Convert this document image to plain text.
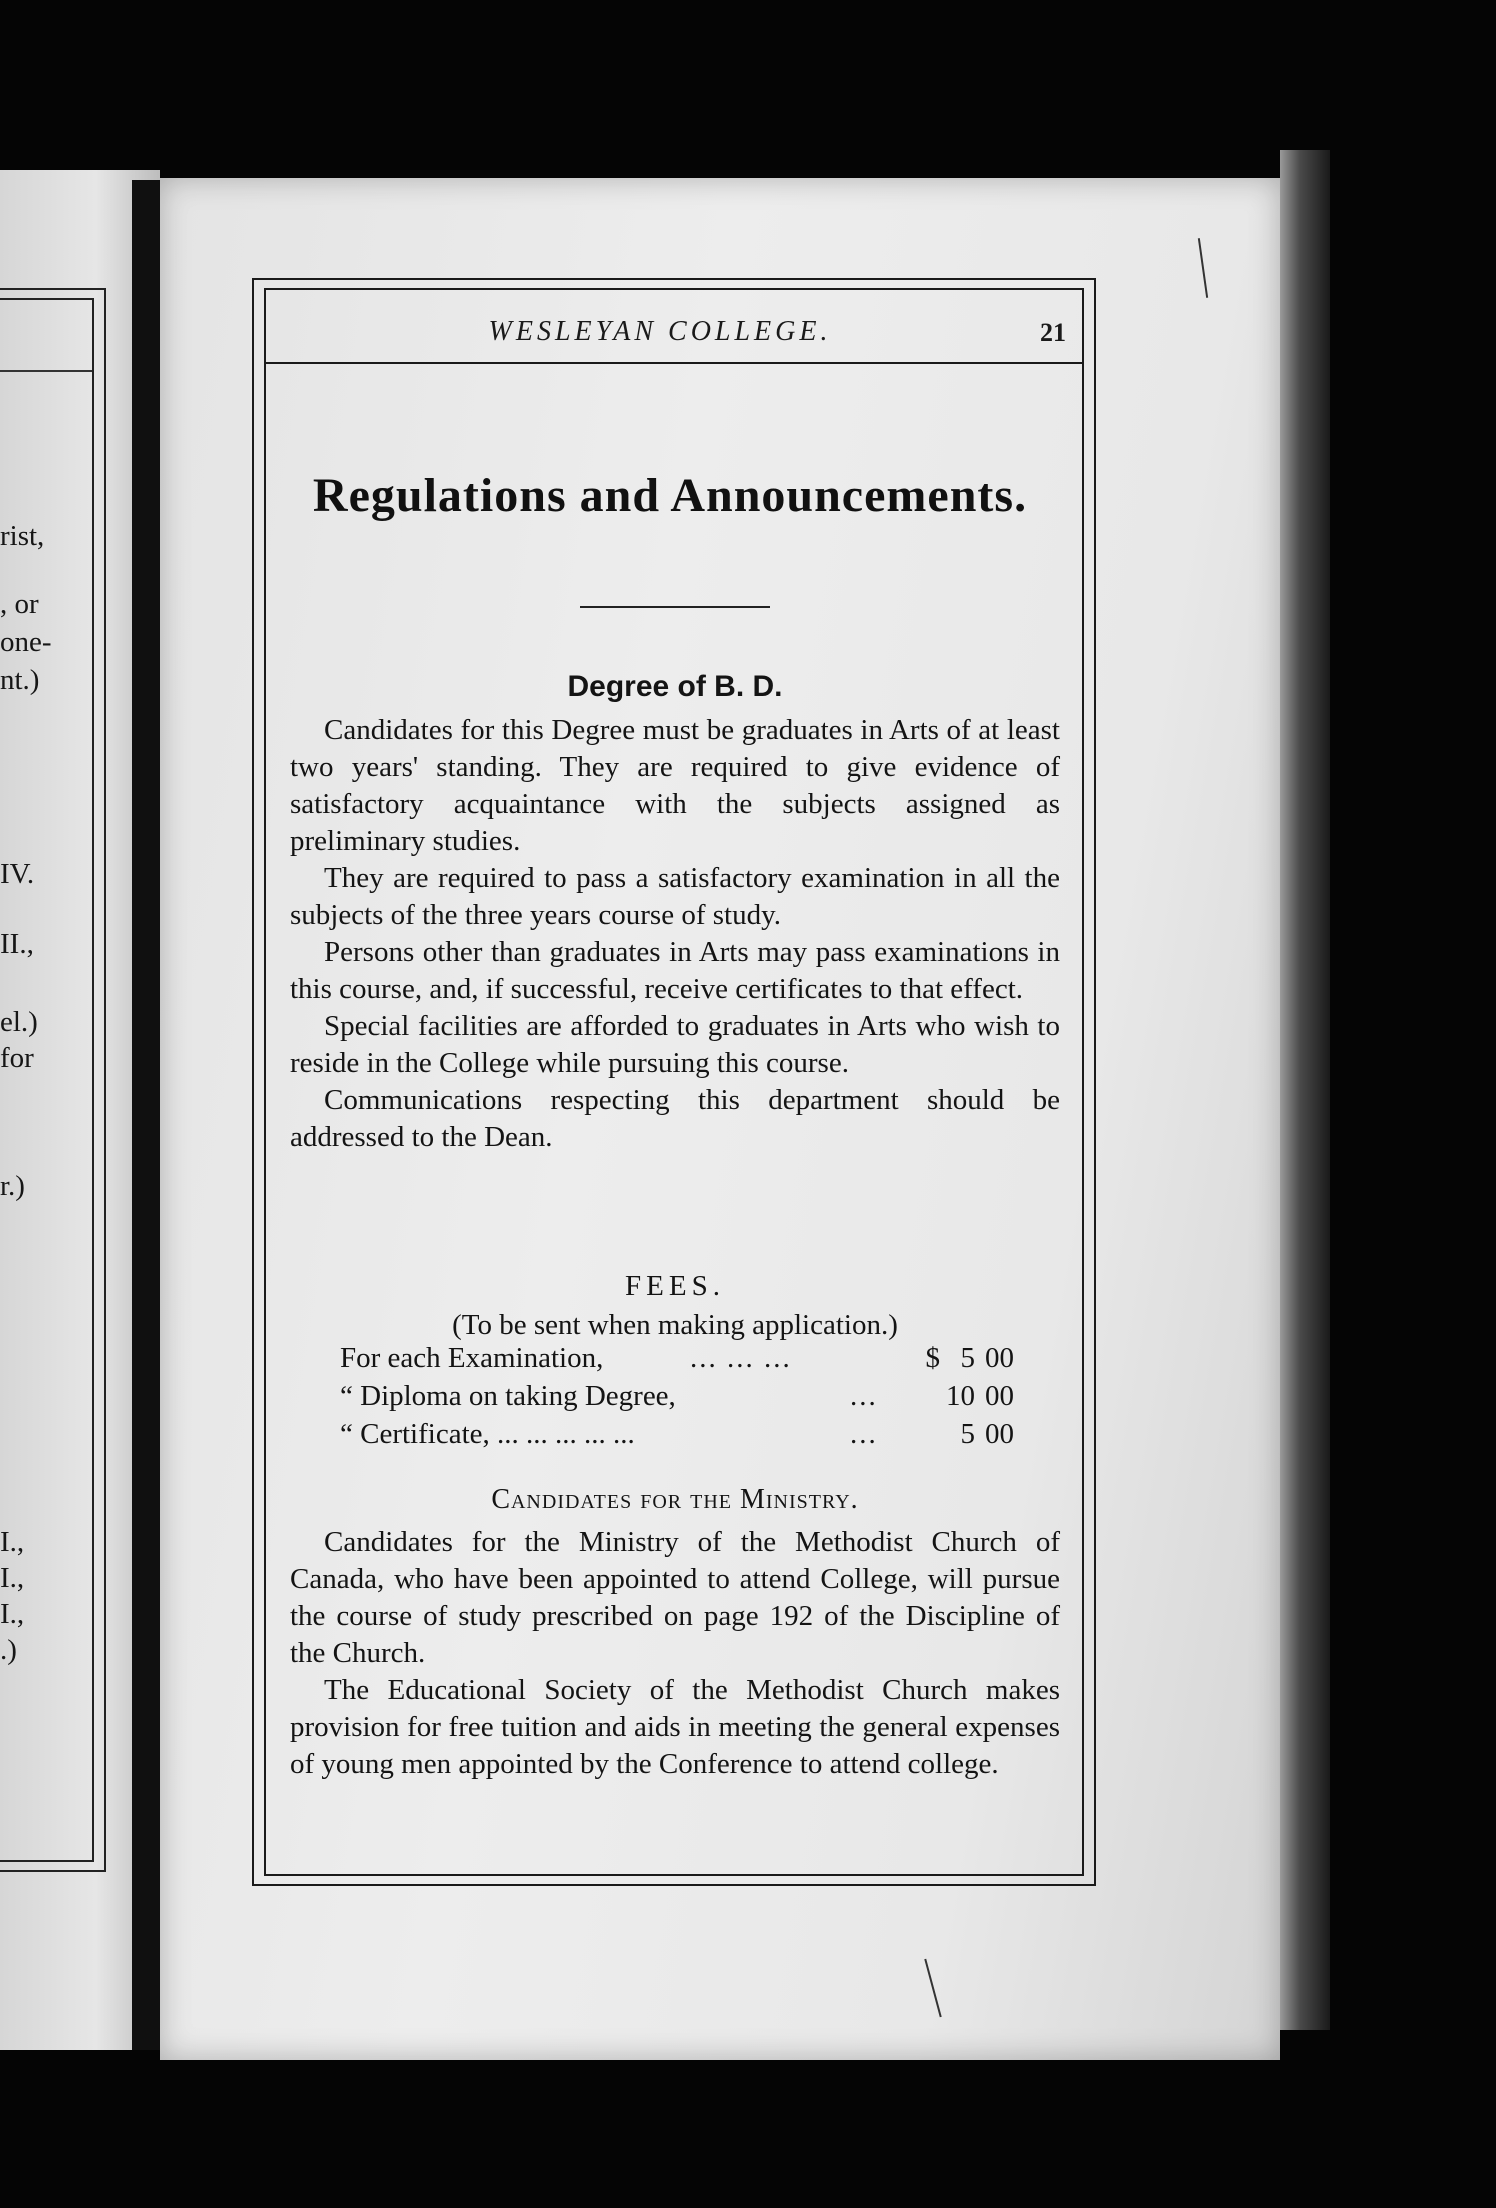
rist,
, or
one-
nt.)
IV.
II.,
el.)
for
r.)
I.,
I.,
I.,
.)
WESLEYAN COLLEGE.	21
Regulations and Announcements.

Degree of B. D.

Candidates for this Degree must be graduates in Arts of at least two years' standing. They are required to give evidence of satisfactory acquaintance with the subjects assigned as preliminary studies.

They are required to pass a satisfactory examination in all the subjects of the three years course of study.

Persons other than graduates in Arts may pass examinations in this course, and, if successful, receive certificates to that effect.

Special facilities are afforded to graduates in Arts who wish to reside in the College while pursuing this course.

Communications respecting this department should be addressed to the Dean.

FEES.

(To be sent when making application.)

For each Examination,	... ... ...	$ 5 00
“ Diploma on taking Degree,	...	10 00
“ Certificate, ... ... ... ... ...	...	5 00

Candidates for the Ministry.

Candidates for the Ministry of the Methodist Church of Canada, who have been appointed to attend College, will pursue the course of study prescribed on page 192 of the Discipline of the Church.

The Educational Society of the Methodist Church makes provision for free tuition and aids in meeting the general expenses of young men appointed by the Conference to attend college.
